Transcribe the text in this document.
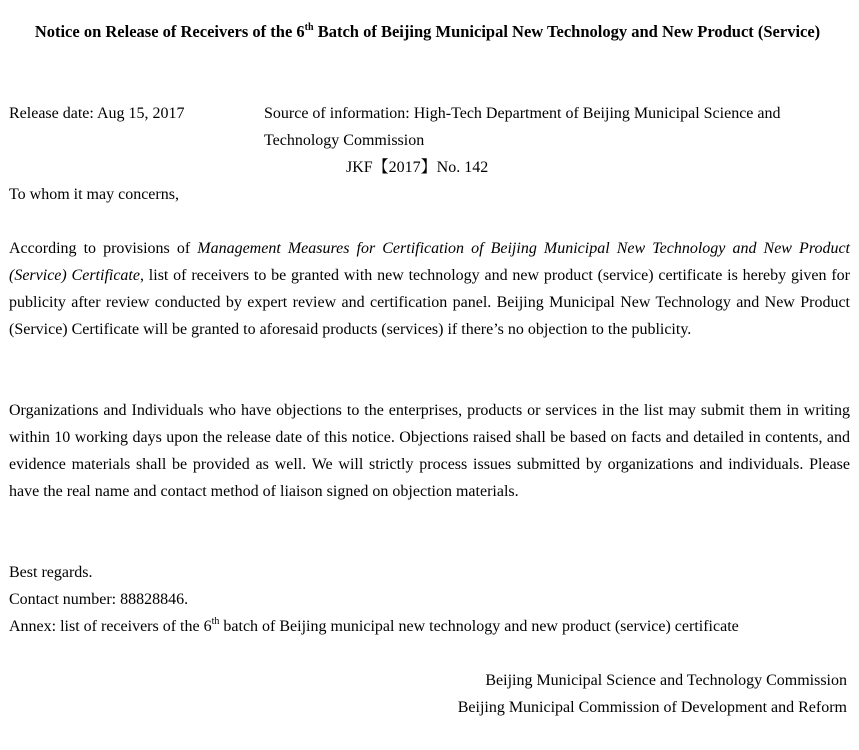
Notice on Release of Receivers of the 6th Batch of Beijing Municipal New Technology and New Product (Service)
Release date: Aug 15, 2017	Source of information: High-Tech Department of Beijing Municipal Science and Technology Commission
JKF【2017】No. 142
To whom it may concerns,
According to provisions of Management Measures for Certification of Beijing Municipal New Technology and New Product (Service) Certificate, list of receivers to be granted with new technology and new product (service) certificate is hereby given for publicity after review conducted by expert review and certification panel. Beijing Municipal New Technology and New Product (Service) Certificate will be granted to aforesaid products (services) if there’s no objection to the publicity.
Organizations and Individuals who have objections to the enterprises, products or services in the list may submit them in writing within 10 working days upon the release date of this notice. Objections raised shall be based on facts and detailed in contents, and evidence materials shall be provided as well. We will strictly process issues submitted by organizations and individuals. Please have the real name and contact method of liaison signed on objection materials.
Best regards.
Contact number: 88828846.
Annex: list of receivers of the 6th batch of Beijing municipal new technology and new product (service) certificate
Beijing Municipal Science and Technology Commission
Beijing Municipal Commission of Development and Reform
